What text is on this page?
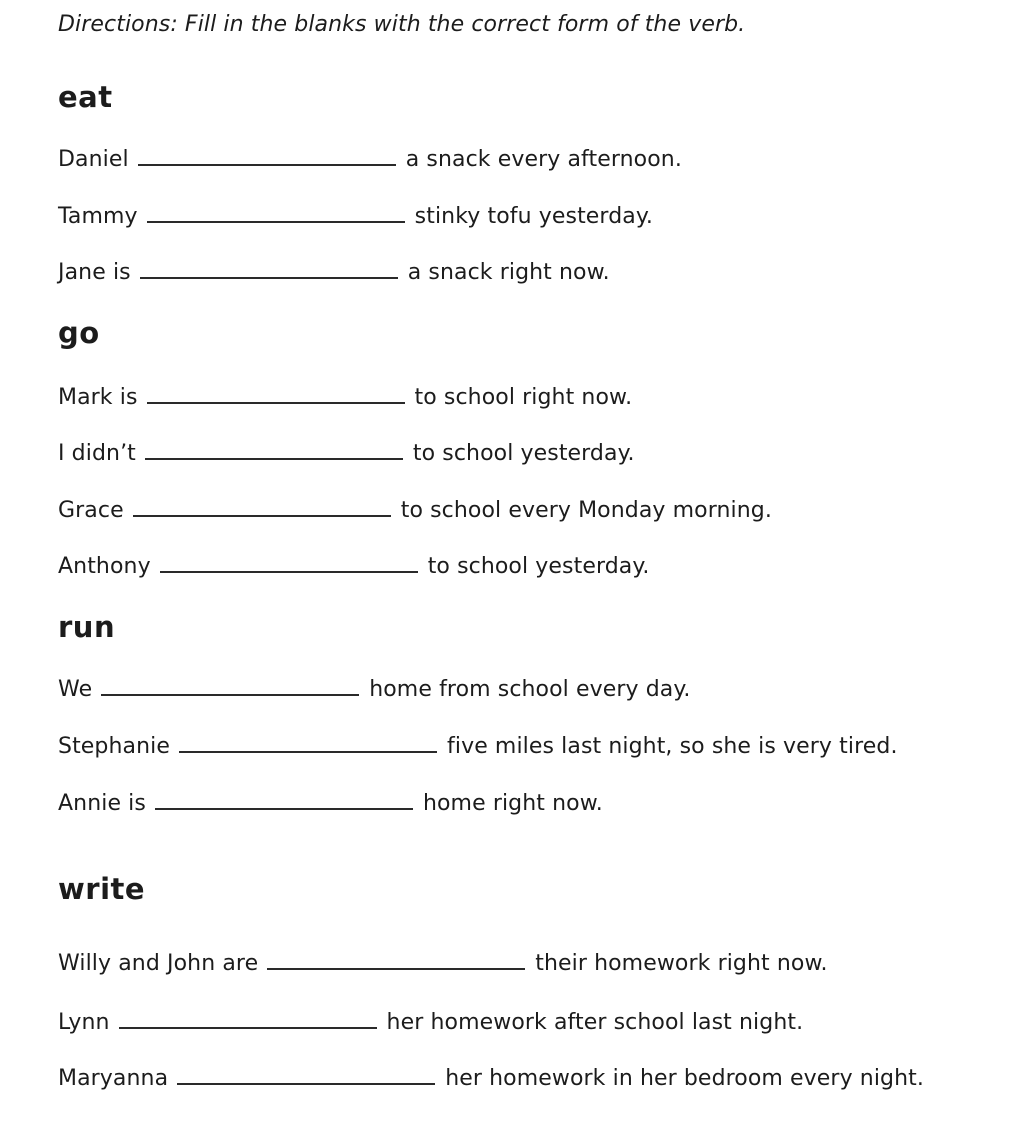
Directions: Fill in the blanks with the correct form of the verb.
eat
Daniel	a snack every afternoon.
Tammy	stinky tofu yesterday.
Jane is	a snack right now.
go
Mark is	to school right now.
I didn’t	to school yesterday.
Grace	to school every Monday morning.
Anthony	to school yesterday.
run
We	home from school every day.
Stephanie	five miles last night, so she is very tired.
Annie is	home right now.
write
Willy and John are	their homework right now.
Lynn	her homework after school last night.
Maryanna	her homework in her bedroom every night.
